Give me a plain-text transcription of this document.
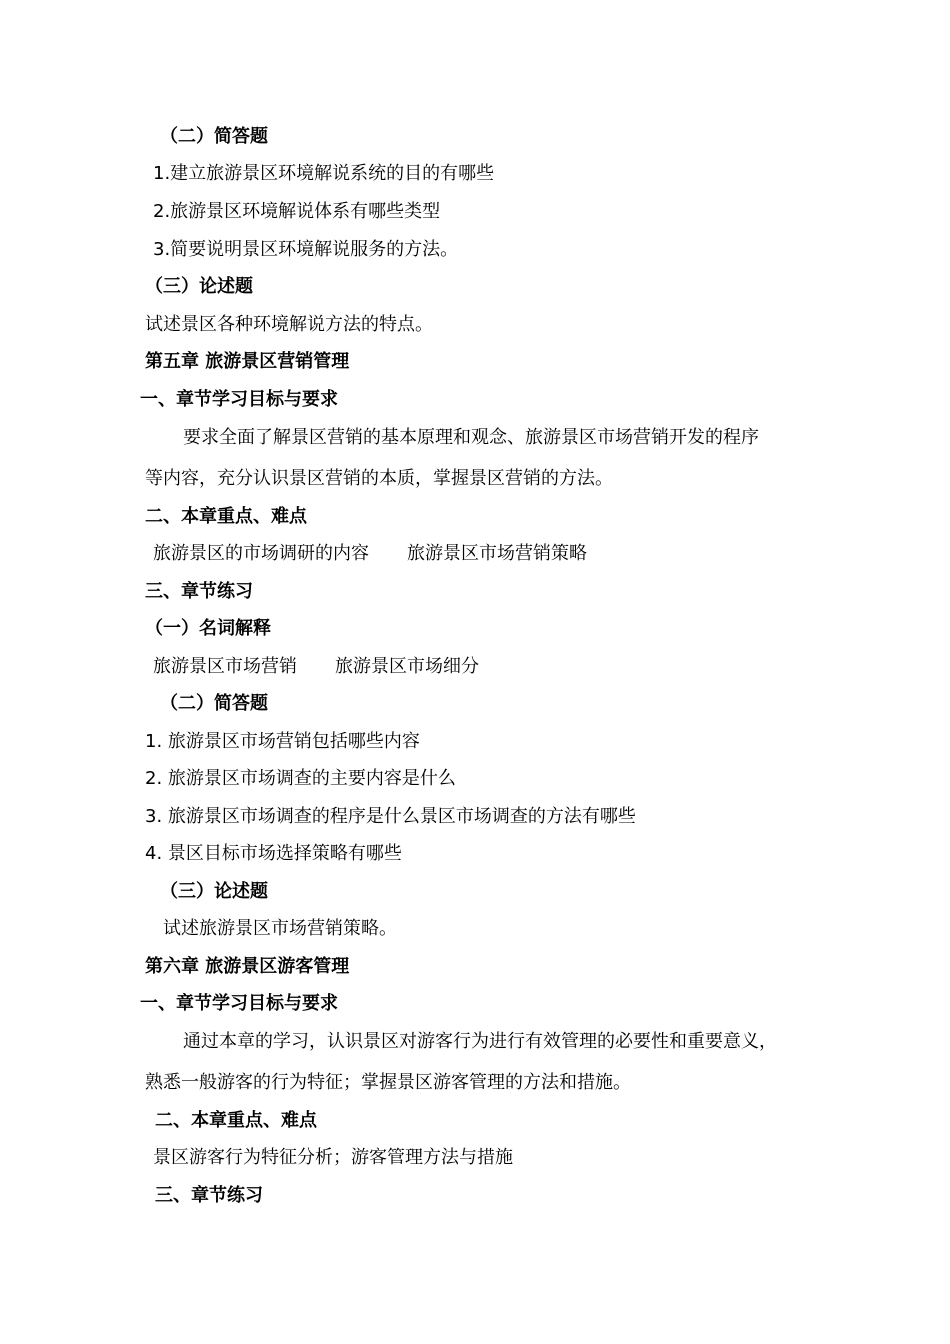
（二）简答题
1.建立旅游景区环境解说系统的目的有哪些
2.旅游景区环境解说体系有哪些类型
3.简要说明景区环境解说服务的方法。
（三）论述题
试述景区各种环境解说方法的特点。
第五章 旅游景区营销管理
一、章节学习目标与要求
要求全面了解景区营销的基本原理和观念、旅游景区市场营销开发的程序
等内容，充分认识景区营销的本质，掌握景区营销的方法。
二、本章重点、难点
旅游景区的市场调研的内容 旅游景区市场营销策略
三、章节练习
（一）名词解释
旅游景区市场营销 旅游景区市场细分
（二）简答题
1. 旅游景区市场营销包括哪些内容
2. 旅游景区市场调查的主要内容是什么
3. 旅游景区市场调查的程序是什么景区市场调查的方法有哪些
4. 景区目标市场选择策略有哪些
（三）论述题
试述旅游景区市场营销策略。
第六章 旅游景区游客管理
一、章节学习目标与要求
通过本章的学习，认识景区对游客行为进行有效管理的必要性和重要意义，
熟悉一般游客的行为特征；掌握景区游客管理的方法和措施。
二、本章重点、难点
景区游客行为特征分析；游客管理方法与措施
三、章节练习
